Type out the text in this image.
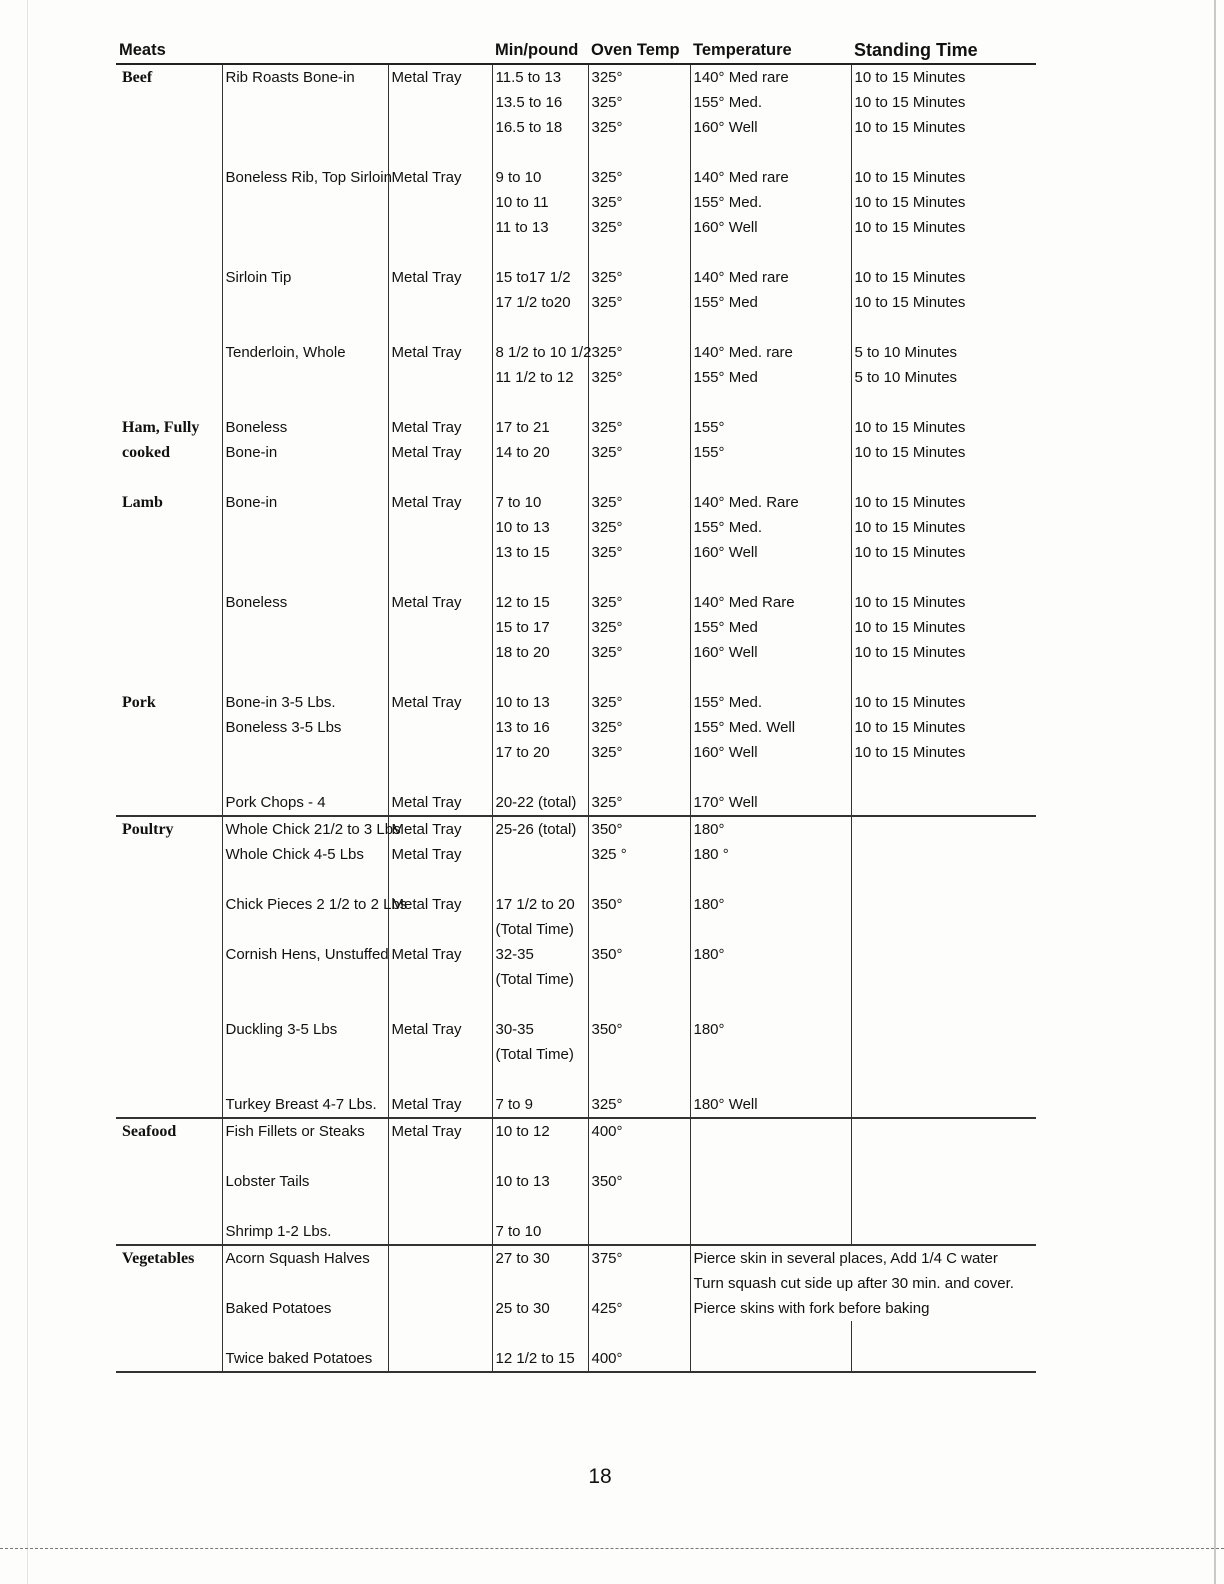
Meats			Min/pound	Oven Temp	Temperature	Standing Time
Beef	Rib Roasts Bone-in	Metal Tray	11.5 to 13	325°	140° Med rare	10 to 15 Minutes
			13.5 to 16	325°	155° Med.	10 to 15 Minutes
			16.5 to 18	325°	160° Well	10 to 15 Minutes

	Boneless Rib, Top Sirloin	Metal Tray	9 to 10	325°	140° Med rare	10 to 15 Minutes
			10 to 11	325°	155° Med.	10 to 15 Minutes
			11 to 13	325°	160° Well	10 to 15 Minutes

	Sirloin Tip	Metal Tray	15 to17 1/2	325°	140° Med rare	10 to 15 Minutes
			17 1/2 to20	325°	155° Med	10 to 15 Minutes

	Tenderloin, Whole	Metal Tray	8 1/2 to 10 1/2	325°	140° Med. rare	5 to 10 Minutes
			11 1/2 to 12	325°	155° Med	5 to 10 Minutes

Ham, Fully	Boneless	Metal Tray	17 to 21	325°	155°	10 to 15 Minutes
cooked	Bone-in	Metal Tray	14 to 20	325°	155°	10 to 15 Minutes

Lamb	Bone-in	Metal Tray	7 to 10	325°	140° Med. Rare	10 to 15 Minutes
			10 to 13	325°	155° Med.	10 to 15 Minutes
			13 to 15	325°	160° Well	10 to 15 Minutes

	Boneless	Metal Tray	12 to 15	325°	140° Med Rare	10 to 15 Minutes
			15 to 17	325°	155° Med	10 to 15 Minutes
			18 to 20	325°	160° Well	10 to 15 Minutes

Pork	Bone-in 3-5 Lbs.	Metal Tray	10 to 13	325°	155° Med.	10 to 15 Minutes
	Boneless 3-5 Lbs		13 to 16	325°	155° Med. Well	10 to 15 Minutes
			17 to 20	325°	160° Well	10 to 15 Minutes

	Pork Chops - 4	Metal Tray	20-22 (total)	325°	170° Well	
Poultry	Whole Chick 21/2 to 3 Lbs	Metal Tray	25-26 (total)	350°	180°	
	Whole Chick 4-5 Lbs	Metal Tray		325 °	180 °	

	Chick Pieces 2 1/2 to 2 Lbs	Metal Tray	17 1/2 to 20	350°	180°	
			(Total Time)			
	Cornish Hens, Unstuffed	Metal Tray	32-35	350°	180°	
			(Total Time)			

	Duckling 3-5 Lbs	Metal Tray	30-35	350°	180°	
			(Total Time)			

	Turkey Breast 4-7 Lbs.	Metal Tray	7 to 9	325°	180° Well	
Seafood	Fish Fillets or Steaks	Metal Tray	10 to 12	400°		

	Lobster Tails		10 to 13	350°		

	Shrimp 1-2 Lbs.		7 to 10			
Vegetables	Acorn Squash Halves		27 to 30	375°	Pierce skin in several places, Add 1/4 C water	
					Turn squash cut side up after 30 min. and cover.	
	Baked Potatoes		25 to 30	425°	Pierce skins with fork before baking	

	Twice baked Potatoes		12 1/2 to 15	400°		
18
